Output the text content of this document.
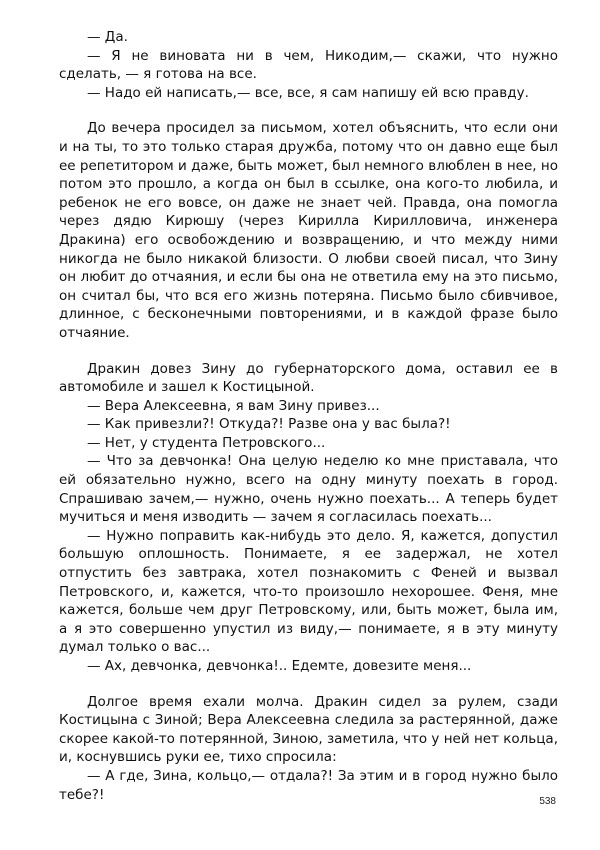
— Да.

— Я не виновата ни в чем, Никодим,— скажи, что нужно сделать, — я готова на все.

— Надо ей написать,— все, все, я сам напишу ей всю правду.

До вечера просидел за письмом, хотел объяснить, что если они и на ты, то это только старая дружба, потому что он давно еще был ее репетитором и даже, быть может, был немного влюблен в нее, но потом это прошло, а когда он был в ссылке, она кого-то любила, и ребенок не его вовсе, он даже не знает чей. Правда, она помогла через дядю Кирюшу (через Кирилла Кирилловича, инженера Дракина) его освобождению и возвращению, и что между ними никогда не было никакой близости. О любви своей писал, что Зину он любит до отчаяния, и если бы она не ответила ему на это письмо, он считал бы, что вся его жизнь потеряна. Письмо было сбивчивое, длинное, с бесконечными повторениями, и в каждой фразе было отчаяние.

Дракин довез Зину до губернаторского дома, оставил ее в автомобиле и зашел к Костицыной.

— Вера Алексеевна, я вам Зину привез...

— Как привезли?! Откуда?! Разве она у вас была?!

— Нет, у студента Петровского...

— Что за девчонка! Она целую неделю ко мне приставала, что ей обязательно нужно, всего на одну минуту поехать в город. Спрашиваю зачем,— нужно, очень нужно поехать... А теперь будет мучиться и меня изводить — зачем я согласилась поехать...

— Нужно поправить как-нибудь это дело. Я, кажется, допустил большую оплошность. Понимаете, я ее задержал, не хотел отпустить без завтрака, хотел познакомить с Феней и вызвал Петровского, и, кажется, что-то произошло нехорошее. Феня, мне кажется, больше чем друг Петровскому, или, быть может, была им, а я это совершенно упустил из виду,— понимаете, я в эту минуту думал только о вас...

— Ах, девчонка, девчонка!.. Едемте, довезите меня...

Долгое время ехали молча. Дракин сидел за рулем, сзади Костицына с Зиной; Вера Алексеевна следила за растерянной, даже скорее какой-то потерянной, Зиною, заметила, что у ней нет кольца, и, коснувшись руки ее, тихо спросила:

— А где, Зина, кольцо,— отдала?! За этим и в город нужно было тебе?!	538
